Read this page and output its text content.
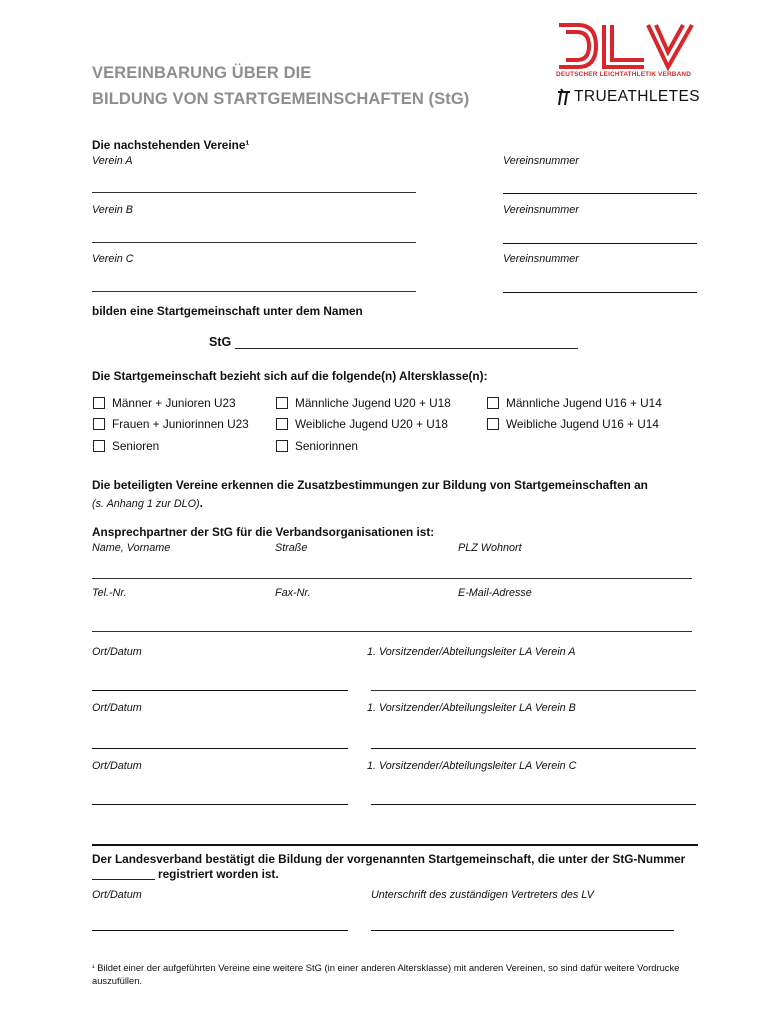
VEREINBARUNG ÜBER DIE
BILDUNG VON STARTGEMEINSCHAFTEN (StG)
DEUTSCHER LEICHTATHLETIK VERBAND
TRUEATHLETES
Die nachstehenden Vereine¹
Verein A	Vereinsnummer
Verein B	Vereinsnummer
Verein C	Vereinsnummer
bilden eine Startgemeinschaft unter dem Namen
StG
Die Startgemeinschaft bezieht sich auf die folgende(n) Altersklasse(n):
Männer + Junioren U23	Männliche Jugend U20 + U18	Männliche Jugend U16 + U14
Frauen + Juniorinnen U23	Weibliche Jugend U20 + U18	Weibliche Jugend U16 + U14
Senioren	Seniorinnen
Die beteiligten Vereine erkennen die Zusatzbestimmungen zur Bildung von Startgemeinschaften an
(s. Anhang 1 zur DLO).
Ansprechpartner der StG für die Verbandsorganisationen ist:
Name, Vorname	Straße	PLZ Wohnort
Tel.-Nr.	Fax-Nr.	E-Mail-Adresse
Ort/Datum	1. Vorsitzender/Abteilungsleiter LA Verein A
Ort/Datum	1. Vorsitzender/Abteilungsleiter LA Verein B
Ort/Datum	1. Vorsitzender/Abteilungsleiter LA Verein C
Der Landesverband bestätigt die Bildung der vorgenannten Startgemeinschaft, die unter der StG-Nummer
registriert worden ist.
Ort/Datum	Unterschrift des zuständigen Vertreters des LV
¹ Bildet einer der aufgeführten Vereine eine weitere StG (in einer anderen Altersklasse) mit anderen Vereinen, so sind dafür weitere Vordrucke
auszufüllen.
